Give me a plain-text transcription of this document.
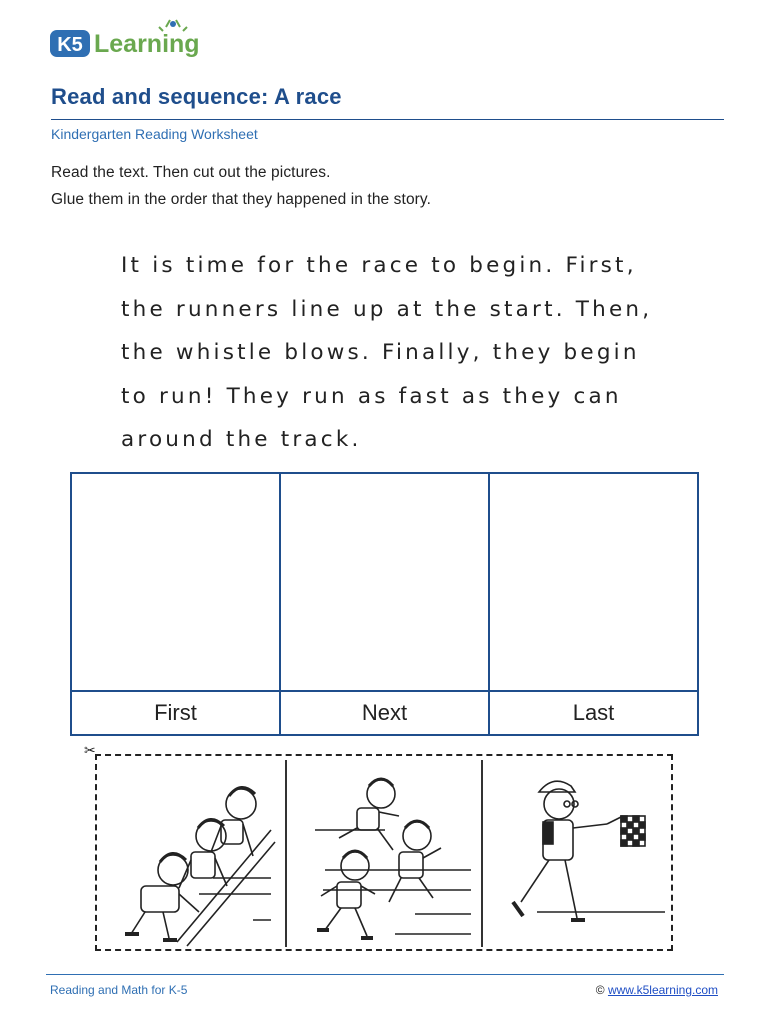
K5 Learning
Read and sequence: A race
Kindergarten Reading Worksheet
Read the text. Then cut out the pictures.
Glue them in the order that they happened in the story.
It is time for the race to begin. First,
the runners line up at the start. Then,
the whistle blows. Finally, they begin
to run! They run as fast as they can
around the track.
First	Next	Last
✂
Reading and Math for K-5	© www.k5learning.com
